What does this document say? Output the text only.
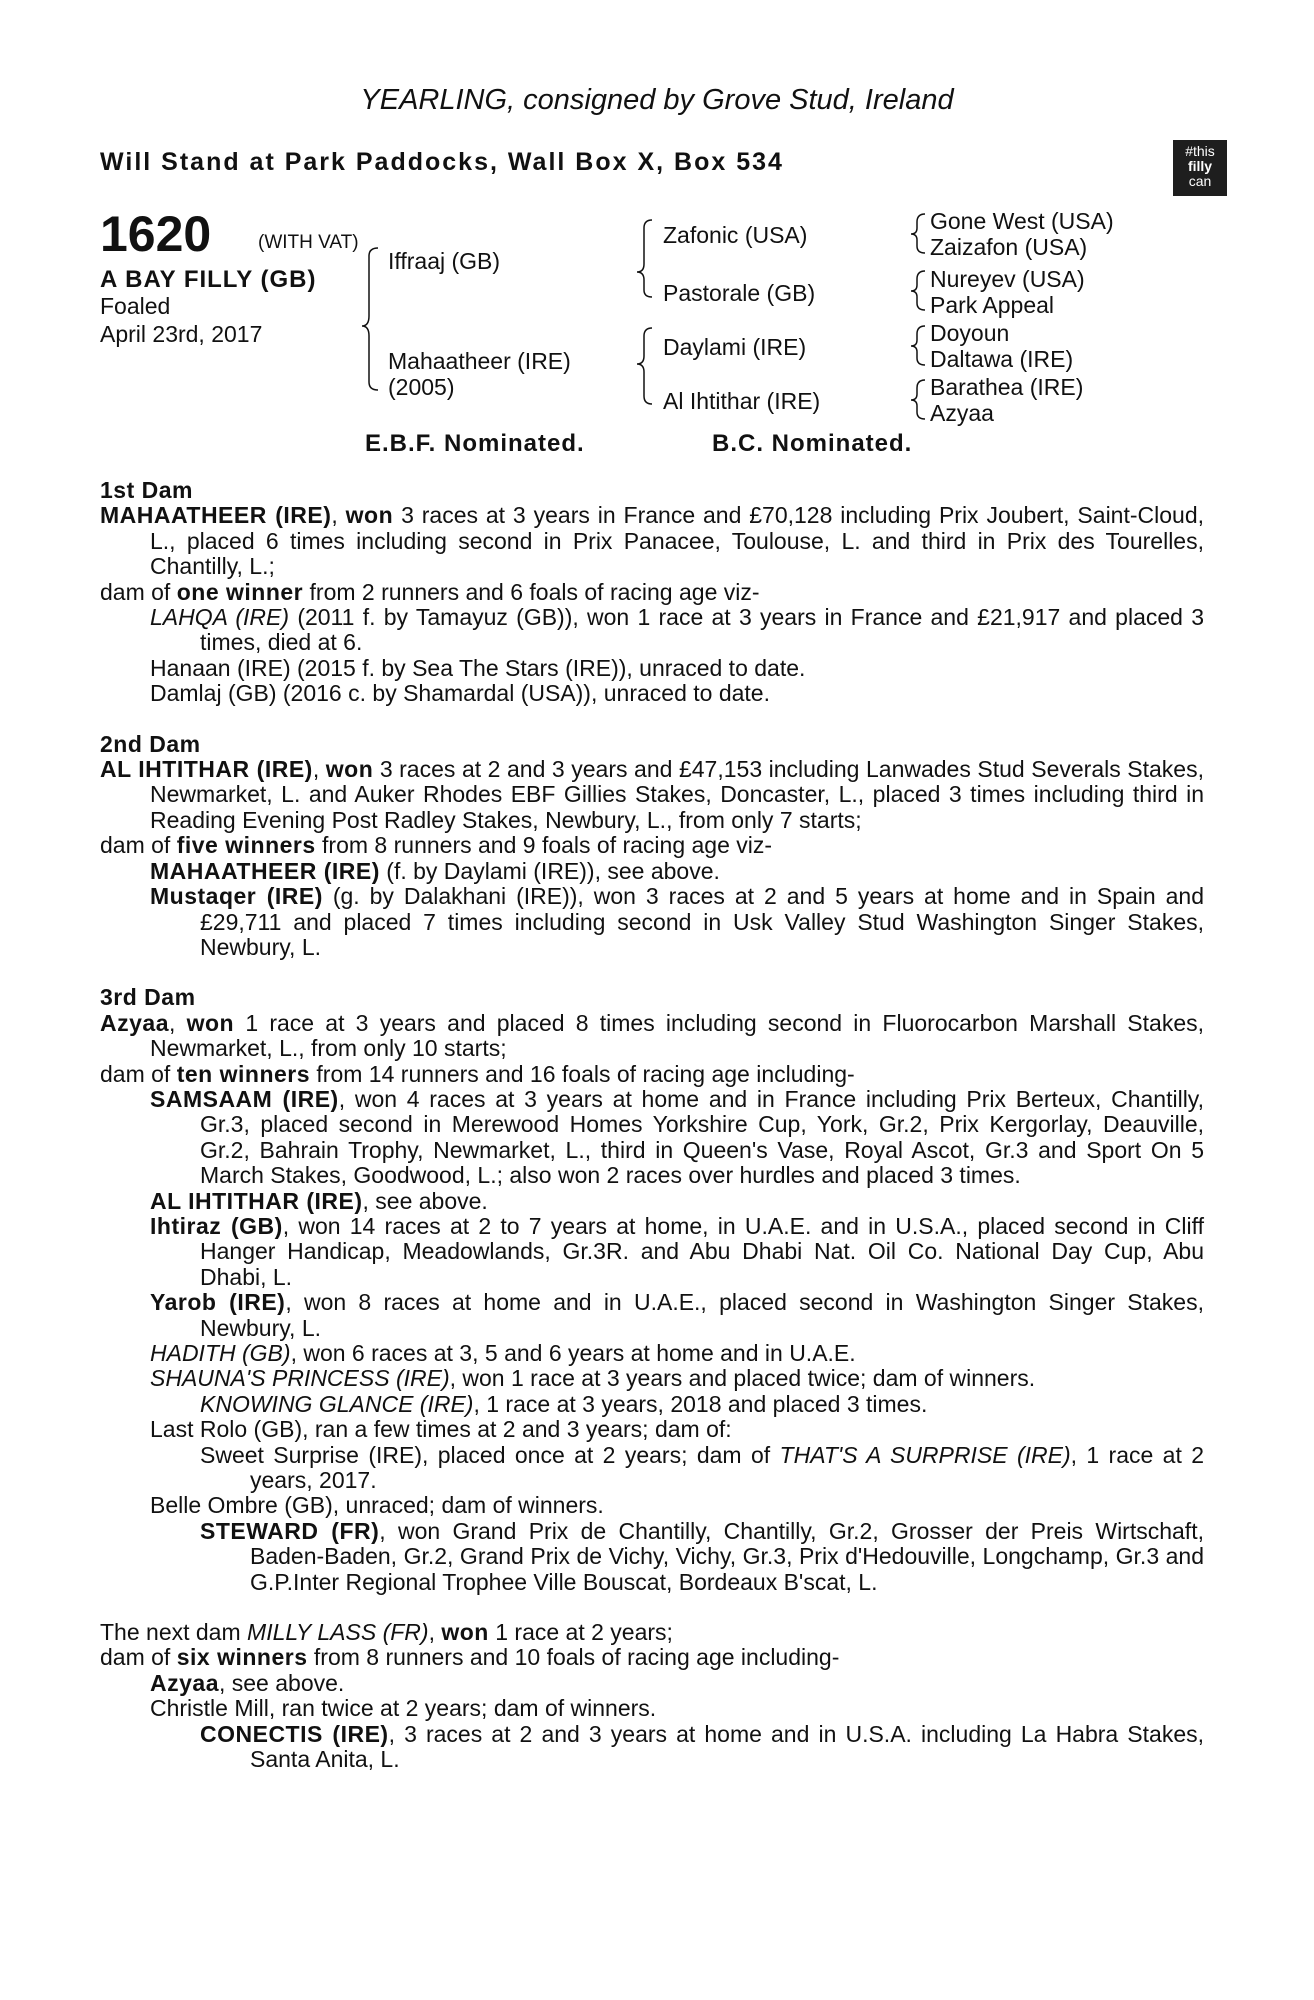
YEARLING, consigned by Grove Stud, Ireland
Will Stand at Park Paddocks, Wall Box X, Box 534	#this
filly
can
1620 (WITH VAT)
A BAY FILLY (GB)
Foaled
April 23rd, 2017
Iffraaj (GB)
Mahaatheer (IRE)
(2005)
Zafonic (USA)
Pastorale (GB)
Daylami (IRE)
Al Ihtithar (IRE)
Gone West (USA)
Zaizafon (USA)
Nureyev (USA)
Park Appeal
Doyoun
Daltawa (IRE)
Barathea (IRE)
Azyaa
E.B.F. Nominated.	B.C. Nominated.
1st Dam
MAHAATHEER (IRE), won 3 races at 3 years in France and £70,128 including Prix Joubert, Saint-Cloud, L., placed 6 times including second in Prix Panacee, Toulouse, L. and third in Prix des Tourelles, Chantilly, L.;
dam of one winner from 2 runners and 6 foals of racing age viz-
LAHQA (IRE) (2011 f. by Tamayuz (GB)), won 1 race at 3 years in France and £21,917 and placed 3 times, died at 6.
Hanaan (IRE) (2015 f. by Sea The Stars (IRE)), unraced to date.
Damlaj (GB) (2016 c. by Shamardal (USA)), unraced to date.
2nd Dam
AL IHTITHAR (IRE), won 3 races at 2 and 3 years and £47,153 including Lanwades Stud Severals Stakes, Newmarket, L. and Auker Rhodes EBF Gillies Stakes, Doncaster, L., placed 3 times including third in Reading Evening Post Radley Stakes, Newbury, L., from only 7 starts;
dam of five winners from 8 runners and 9 foals of racing age viz-
MAHAATHEER (IRE) (f. by Daylami (IRE)), see above.
Mustaqer (IRE) (g. by Dalakhani (IRE)), won 3 races at 2 and 5 years at home and in Spain and £29,711 and placed 7 times including second in Usk Valley Stud Washington Singer Stakes, Newbury, L.
3rd Dam
Azyaa, won 1 race at 3 years and placed 8 times including second in Fluorocarbon Marshall Stakes, Newmarket, L., from only 10 starts;
dam of ten winners from 14 runners and 16 foals of racing age including-
SAMSAAM (IRE), won 4 races at 3 years at home and in France including Prix Berteux, Chantilly, Gr.3, placed second in Merewood Homes Yorkshire Cup, York, Gr.2, Prix Kergorlay, Deauville, Gr.2, Bahrain Trophy, Newmarket, L., third in Queen's Vase, Royal Ascot, Gr.3 and Sport On 5 March Stakes, Goodwood, L.; also won 2 races over hurdles and placed 3 times.
AL IHTITHAR (IRE), see above.
Ihtiraz (GB), won 14 races at 2 to 7 years at home, in U.A.E. and in U.S.A., placed second in Cliff Hanger Handicap, Meadowlands, Gr.3R. and Abu Dhabi Nat. Oil Co. National Day Cup, Abu Dhabi, L.
Yarob (IRE), won 8 races at home and in U.A.E., placed second in Washington Singer Stakes, Newbury, L.
HADITH (GB), won 6 races at 3, 5 and 6 years at home and in U.A.E.
SHAUNA'S PRINCESS (IRE), won 1 race at 3 years and placed twice; dam of winners.
KNOWING GLANCE (IRE), 1 race at 3 years, 2018 and placed 3 times.
Last Rolo (GB), ran a few times at 2 and 3 years; dam of:
Sweet Surprise (IRE), placed once at 2 years; dam of THAT'S A SURPRISE (IRE), 1 race at 2 years, 2017.
Belle Ombre (GB), unraced; dam of winners.
STEWARD (FR), won Grand Prix de Chantilly, Chantilly, Gr.2, Grosser der Preis Wirtschaft, Baden-Baden, Gr.2, Grand Prix de Vichy, Vichy, Gr.3, Prix d'Hedouville, Longchamp, Gr.3 and G.P.Inter Regional Trophee Ville Bouscat, Bordeaux B'scat, L.
The next dam MILLY LASS (FR), won 1 race at 2 years;
dam of six winners from 8 runners and 10 foals of racing age including-
Azyaa, see above.
Christle Mill, ran twice at 2 years; dam of winners.
CONECTIS (IRE), 3 races at 2 and 3 years at home and in U.S.A. including La Habra Stakes, Santa Anita, L.
